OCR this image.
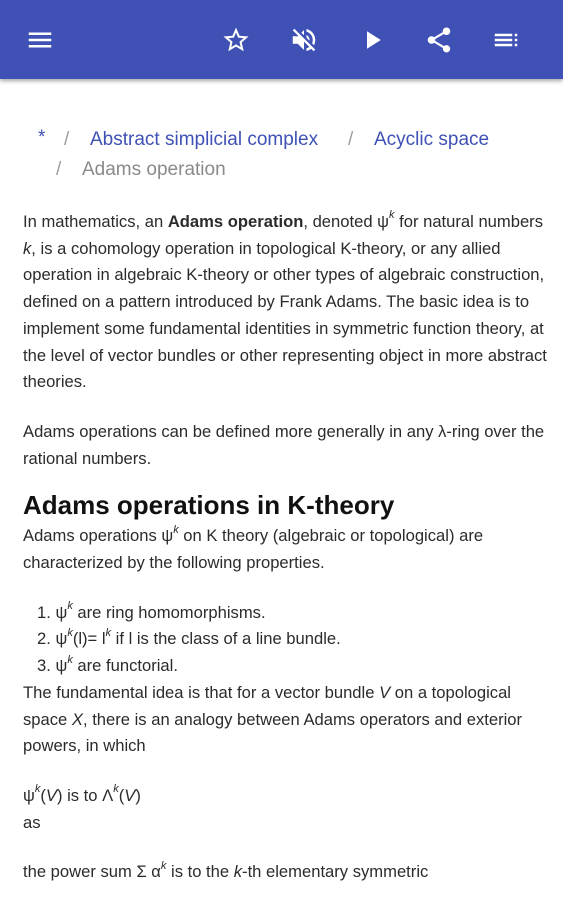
* / Abstract simplicial complex / Acyclic space
/ Adams operation

In mathematics, an Adams operation, denoted $\psi^k$ for natural numbers k, is a cohomology operation in topological K-theory, or any allied operation in algebraic K-theory or other types of algebraic construction, defined on a pattern introduced by Frank Adams. The basic idea is to implement some fundamental identities in symmetric function theory, at the level of vector bundles or other representing object in more abstract theories.

Adams operations can be defined more generally in any λ-ring over the rational numbers.

Adams operations in K-theory

Adams operations $\psi^k$ on K theory (algebraic or topological) are characterized by the following properties.

1. $\psi^k$ are ring homomorphisms.
2. $\psi^k(l)= l^k$ if l is the class of a line bundle.
3. $\psi^k$ are functorial.

The fundamental idea is that for a vector bundle V on a topological space X, there is an analogy between Adams operators and exterior powers, in which

$\psi^k(V)$ is to $\Lambda^k(V)$

as

the power sum Σ $\alpha^k$ is to the k-th elementary symmetric
